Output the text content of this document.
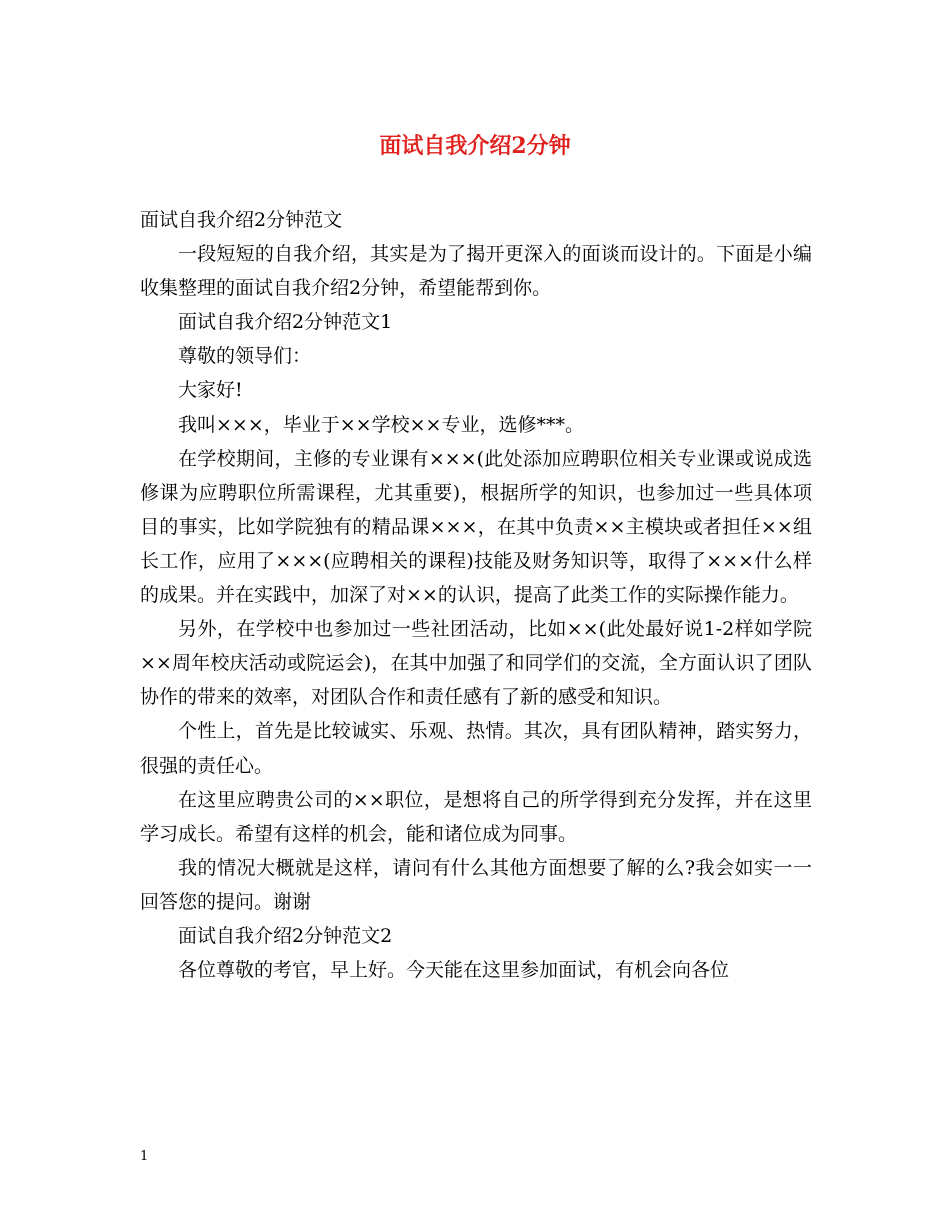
面试自我介绍2分钟

面试自我介绍2分钟范文

一段短短的自我介绍，其实是为了揭开更深入的面谈而设计的。下面是小编收集整理的面试自我介绍2分钟，希望能帮到你。

面试自我介绍2分钟范文1

尊敬的领导们：

大家好!

我叫×××，毕业于××学校××专业，选修***。

在学校期间，主修的专业课有×××(此处添加应聘职位相关专业课或说成选修课为应聘职位所需课程，尤其重要)，根据所学的知识，也参加过一些具体项目的事实，比如学院独有的精品课×××，在其中负责××主模块或者担任××组长工作，应用了×××(应聘相关的课程)技能及财务知识等，取得了×××什么样的成果。并在实践中，加深了对××的认识，提高了此类工作的实际操作能力。

另外，在学校中也参加过一些社团活动，比如××(此处最好说1-2样如学院××周年校庆活动或院运会)，在其中加强了和同学们的交流，全方面认识了团队协作的带来的效率，对团队合作和责任感有了新的感受和知识。

个性上，首先是比较诚实、乐观、热情。其次，具有团队精神，踏实努力，很强的责任心。

在这里应聘贵公司的××职位，是想将自己的所学得到充分发挥，并在这里学习成长。希望有这样的机会，能和诸位成为同事。

我的情况大概就是这样，请问有什么其他方面想要了解的么?我会如实一一回答您的提问。谢谢

面试自我介绍2分钟范文2

各位尊敬的考官，早上好。今天能在这里参加面试，有机会向各位

1
